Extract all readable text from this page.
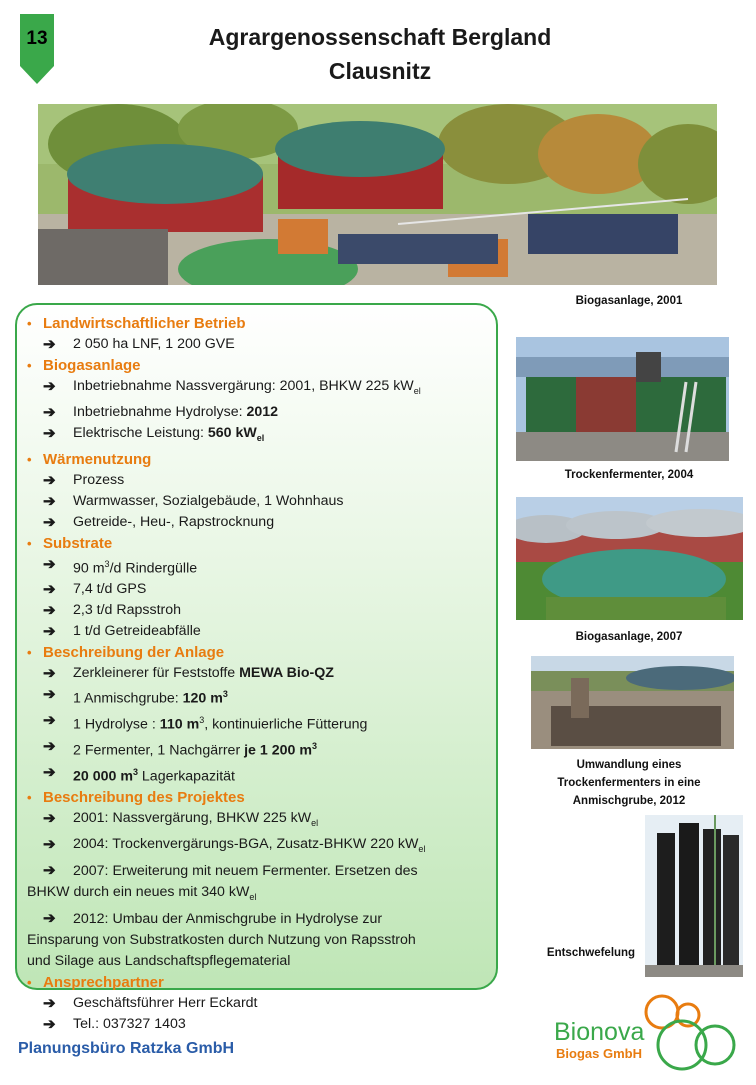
13	Agrargenossenschaft Bergland
Clausnitz
Biogasanlage, 2001
Trockenfermenter, 2004
Biogasanlage, 2007
Umwandlung eines
Trockenfermenters in eine
Anmischgrube, 2012
Entschwefelung
• Landwirtschaftlicher Betrieb
➔	2 050 ha LNF, 1 200 GVE
• Biogasanlage
➔	Inbetriebnahme Nassvergärung: 2001, BHKW 225 $kW_{el}$
➔	Inbetriebnahme Hydrolyse: 2012
➔	Elektrische Leistung: 560 $kW_{el}$
• Wärmenutzung
➔	Prozess
➔	Warmwasser, Sozialgebäude, 1 Wohnhaus
➔	Getreide-, Heu-, Rapstrocknung
• Substrate
➔	90 $m^3/d$ Rindergülle
➔	7,4 t/d GPS
➔	2,3 t/d Rapsstroh
➔	1 t/d Getreideabfälle
• Beschreibung der Anlage
➔	Zerkleinerer für Feststoffe MEWA Bio-QZ
➔	1 Anmischgrube: 120 $m^3$
➔	1 Hydrolyse : 110 $m^3$, kontinuierliche Fütterung
➔	2 Fermenter, 1 Nachgärrer je 1 200 $m^3$
➔	20 000 $m^3$ Lagerkapazität
• Beschreibung des Projektes
➔	2001: Nassvergärung, BHKW 225 $kW_{el}$
➔	2004: Trockenvergärungs-BGA, Zusatz-BHKW 220 $kW_{el}$
➔ 2007: Erweiterung mit neuem Fermenter. Ersetzen des
BHKW durch ein neues mit 340 $kW_{el}$
➔ 2012: Umbau der Anmischgrube in Hydrolyse zur
Einsparung von Substratkosten durch Nutzung von Rapsstroh
und Silage aus Landschaftspflegematerial
• Ansprechpartner
➔	Geschäftsführer Herr Eckardt
➔	Tel.: 037327 1403
Planungsbüro Ratzka GmbH
Bionova
Biogas GmbH
